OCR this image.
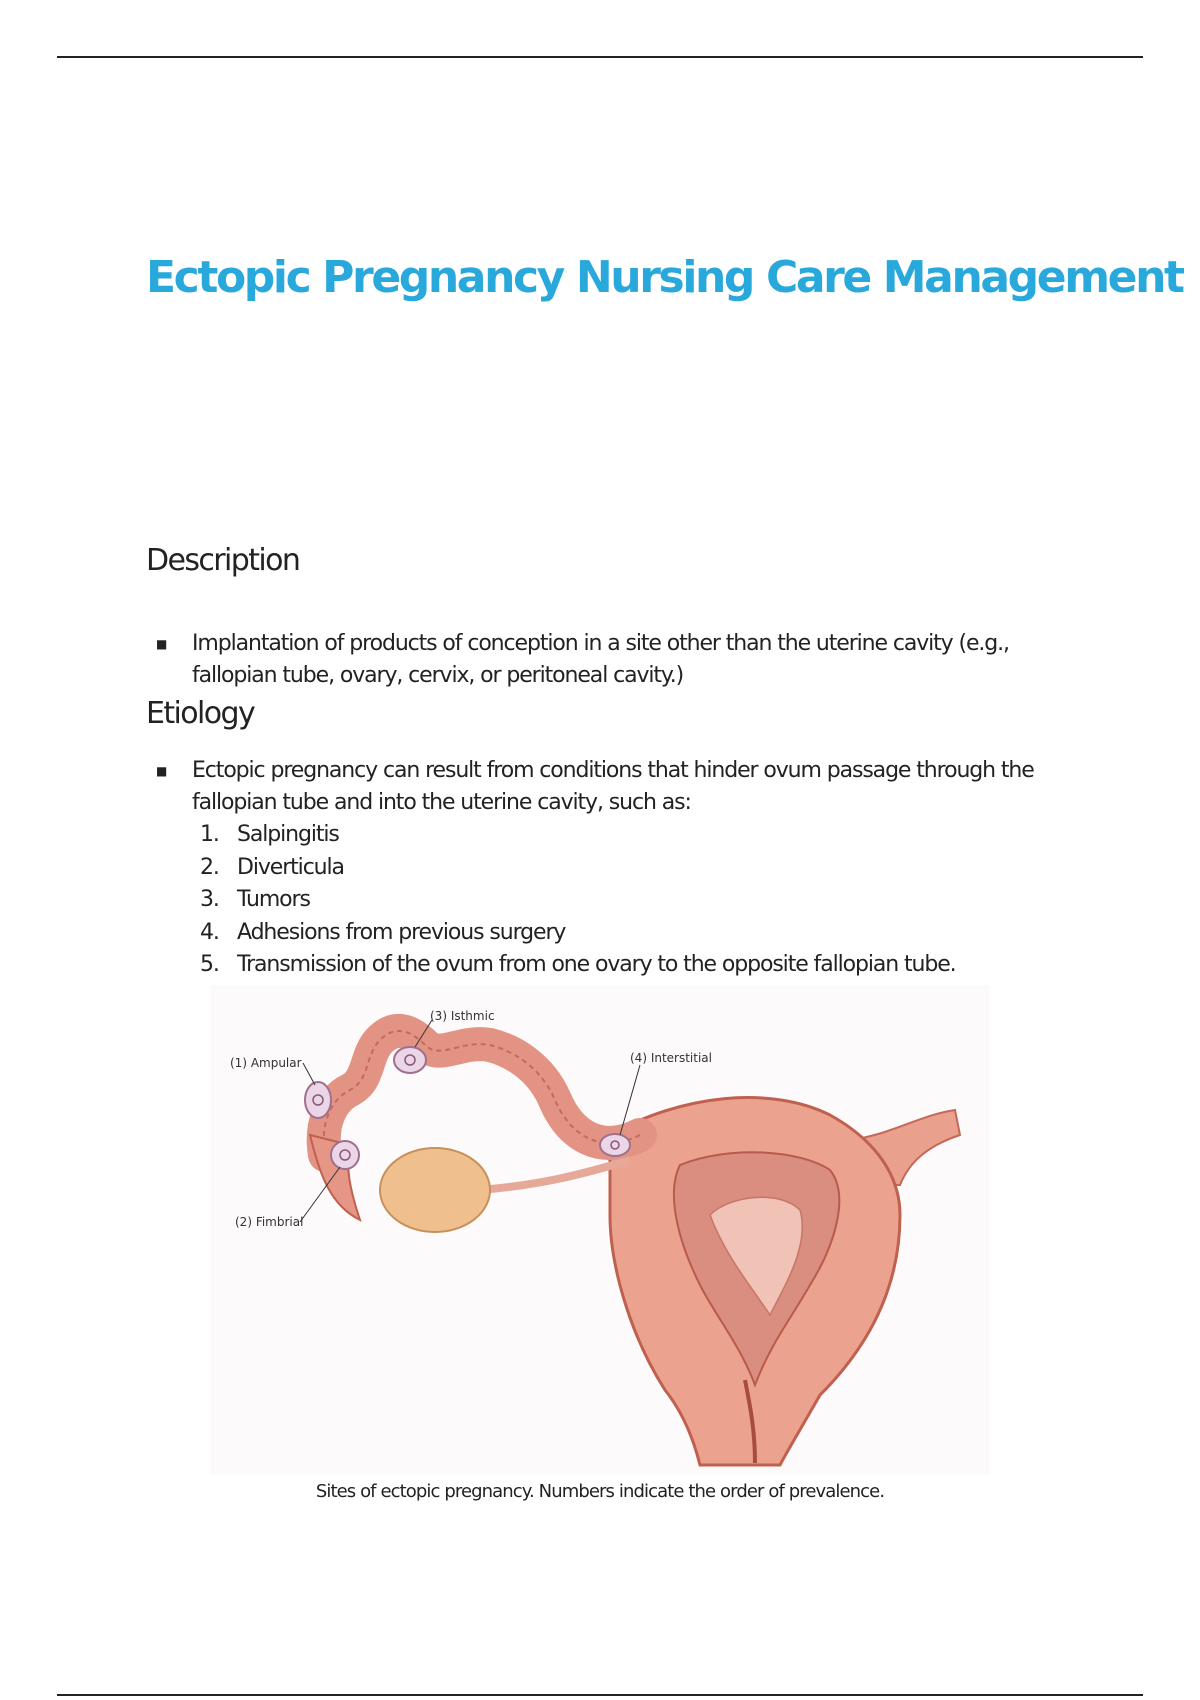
Ectopic Pregnancy Nursing Care Management
Description
■	Implantation of products of conception in a site other than the uterine cavity (e.g., fallopian tube, ovary, cervix, or peritoneal cavity.)
Etiology
■	Ectopic pregnancy can result from conditions that hinder ovum passage through the fallopian tube and into the uterine cavity, such as:
1. Salpingitis
2. Diverticula
3. Tumors
4. Adhesions from previous surgery
5. Transmission of the ovum from one ovary to the opposite fallopian tube.
(1) Ampular
(2) Fimbrial
(3) Isthmic
(4) Interstitial
Sites of ectopic pregnancy. Numbers indicate the order of prevalence.
